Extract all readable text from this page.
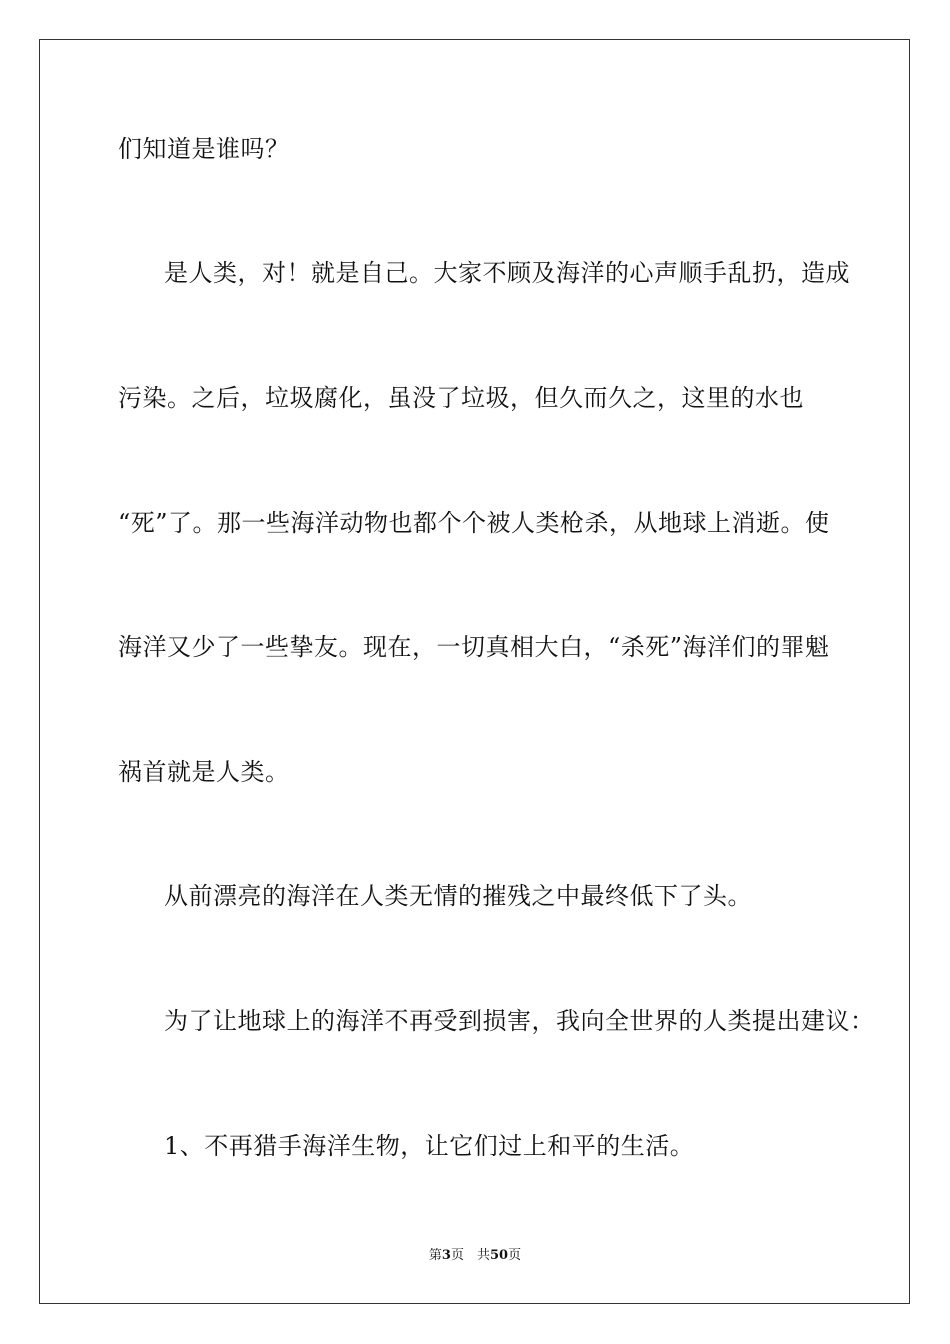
们知道是谁吗？
是人类，对！就是自己。大家不顾及海洋的心声顺手乱扔，造成
污染。之后，垃圾腐化，虽没了垃圾，但久而久之，这里的水也
“死”了。那一些海洋动物也都个个被人类枪杀，从地球上消逝。使
海洋又少了一些挚友。现在，一切真相大白，“杀死”海洋们的罪魁
祸首就是人类。
从前漂亮的海洋在人类无情的摧残之中最终低下了头。
为了让地球上的海洋不再受到损害，我向全世界的人类提出建议：
1、不再猎手海洋生物，让它们过上和平的生活。
第3页　共50页
